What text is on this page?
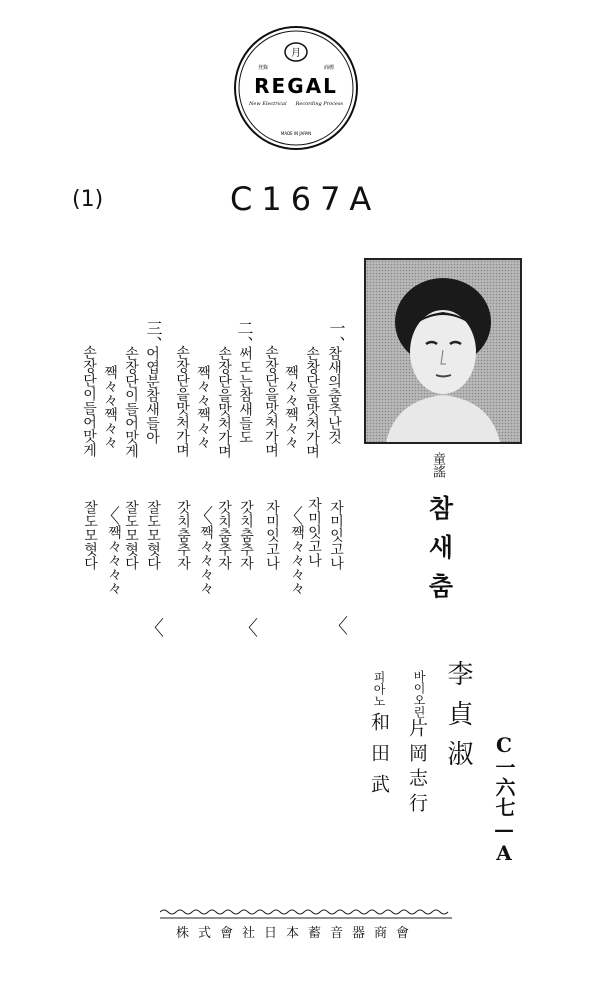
月
登錄	商標
REGAL
New Electrical Recording Process
MADE IN JAPAN
(1)	C167A
一、
참새의춤추난것
손창단을맛처가며
짹々々짹々々
손장단을맛처가며
자미잇고나
자미잇고나
짹々々々々
자미잇고나
〈
〈
二、
써도는참새들도
손장단을맛처가며
짹々々짹々々
손장단을맛처가며
갓치춤추자
갓치춤추자
짹々々々々
갓치춤추자
〈
〈
三、
어엽분참새들아
손장단이들어맛게
짹々々짹々々
손장단이들어맛게
잘도모혓다
잘도모혓다
짹々々々々
잘도모혓다
〈
〈
童謠
참새춤
李貞淑
바이오린
片岡志行
피아노
和田武	C一六七—A
株式會社日本蓄音器商會
